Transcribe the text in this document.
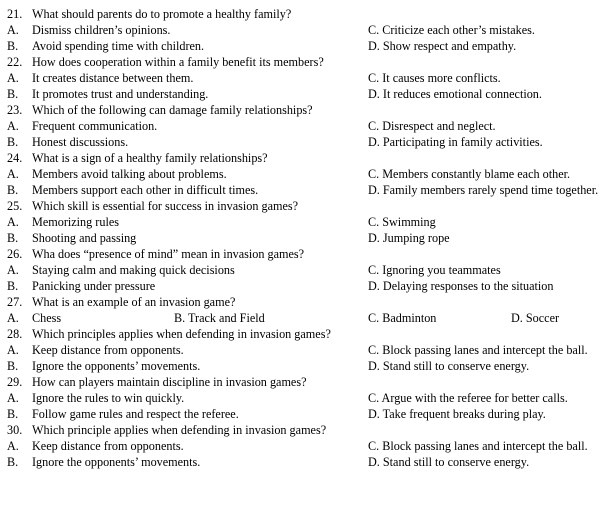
21. What should parents do to promote a healthy family?
A. Dismiss children’s opinions.	C. Criticize each other’s mistakes.
B. Avoid spending time with children.	D. Show respect and empathy.
22. How does cooperation within a family benefit its members?
A. It creates distance between them.	C. It causes more conflicts.
B. It promotes trust and understanding.	D. It reduces emotional connection.
23. Which of the following can damage family relationships?
A. Frequent communication.	C. Disrespect and neglect.
B. Honest discussions.	D. Participating in family activities.
24. What is a sign of a healthy family relationships?
A. Members avoid talking about problems.	C. Members constantly blame each other.
B. Members support each other in difficult times.	D. Family members rarely spend time together.
25. Which skill is essential for success in invasion games?
A. Memorizing rules	C. Swimming
B. Shooting and passing	D. Jumping rope
26. Wha does “presence of mind” mean in invasion games?
A. Staying calm and making quick decisions	C. Ignoring you teammates
B. Panicking under pressure	D. Delaying responses to the situation
27. What is an example of an invasion game?
A. Chess	B. Track and Field	C. Badminton	D. Soccer
28. Which principles applies when defending in invasion games?
A. Keep distance from opponents.	C. Block passing lanes and intercept the ball.
B. Ignore the opponents’ movements.	D. Stand still to conserve energy.
29. How can players maintain discipline in invasion games?
A. Ignore the rules to win quickly.	C. Argue with the referee for better calls.
B. Follow game rules and respect the referee.	D. Take frequent breaks during play.
30. Which principle applies when defending in invasion games?
A. Keep distance from opponents.	C. Block passing lanes and intercept the ball.
B. Ignore the opponents’ movements.	D. Stand still to conserve energy.
